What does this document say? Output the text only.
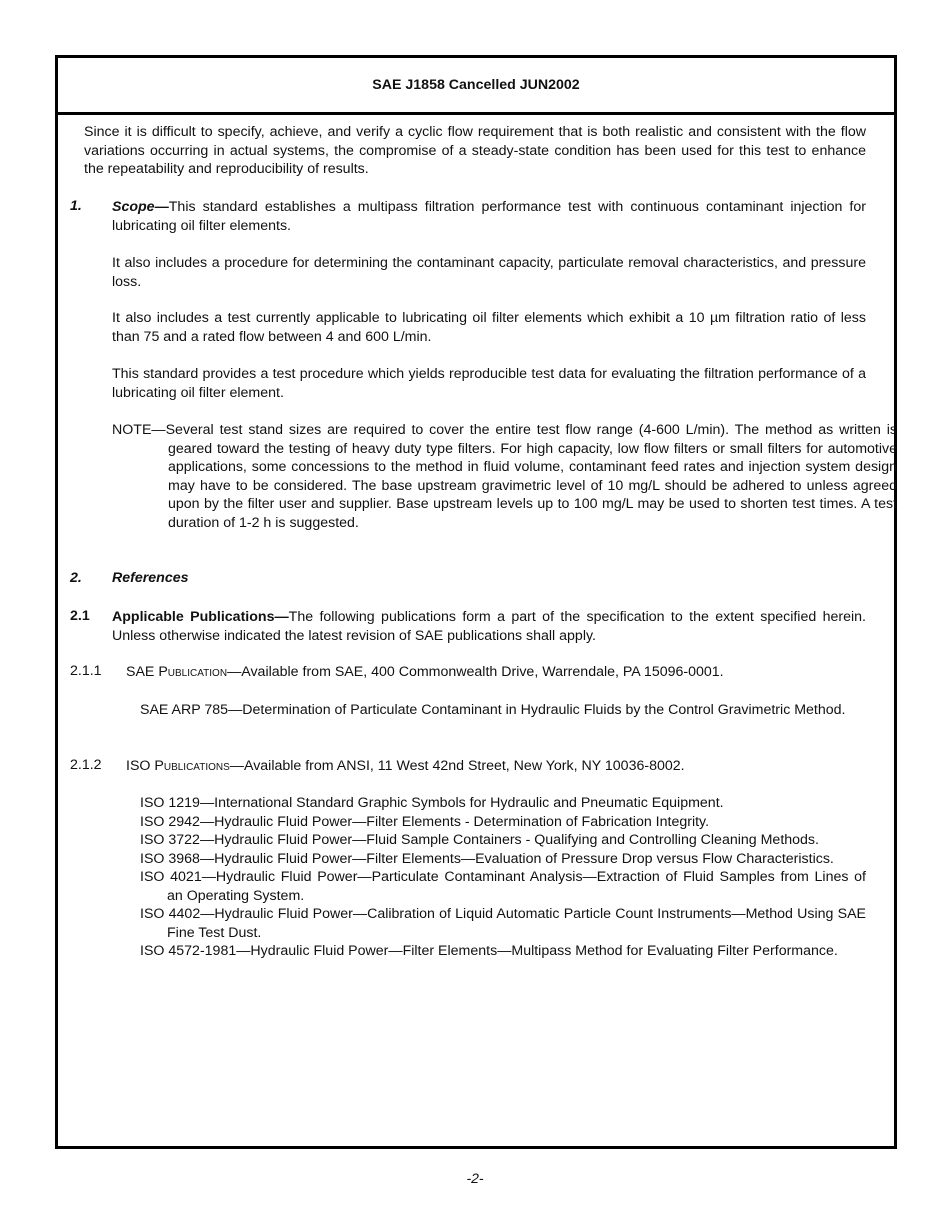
SAE J1858 Cancelled JUN2002
Since it is difficult to specify, achieve, and verify a cyclic flow requirement that is both realistic and consistent with the flow variations occurring in actual systems, the compromise of a steady-state condition has been used for this test to enhance the repeatability and reproducibility of results.
1. Scope—This standard establishes a multipass filtration performance test with continuous contaminant injection for lubricating oil filter elements.
It also includes a procedure for determining the contaminant capacity, particulate removal characteristics, and pressure loss.
It also includes a test currently applicable to lubricating oil filter elements which exhibit a 10 µm filtration ratio of less than 75 and a rated flow between 4 and 600 L/min.
This standard provides a test procedure which yields reproducible test data for evaluating the filtration performance of a lubricating oil filter element.
NOTE—Several test stand sizes are required to cover the entire test flow range (4-600 L/min). The method as written is geared toward the testing of heavy duty type filters. For high capacity, low flow filters or small filters for automotive applications, some concessions to the method in fluid volume, contaminant feed rates and injection system design may have to be considered. The base upstream gravimetric level of 10 mg/L should be adhered to unless agreed upon by the filter user and supplier. Base upstream levels up to 100 mg/L may be used to shorten test times. A test duration of 1-2 h is suggested.
2. References
2.1 Applicable Publications—The following publications form a part of the specification to the extent specified herein. Unless otherwise indicated the latest revision of SAE publications shall apply.
2.1.1 SAE Publication—Available from SAE, 400 Commonwealth Drive, Warrendale, PA 15096-0001.
SAE ARP 785—Determination of Particulate Contaminant in Hydraulic Fluids by the Control Gravimetric Method.
2.1.2 ISO Publications—Available from ANSI, 11 West 42nd Street, New York, NY 10036-8002.
ISO 1219—International Standard Graphic Symbols for Hydraulic and Pneumatic Equipment.
ISO 2942—Hydraulic Fluid Power—Filter Elements - Determination of Fabrication Integrity.
ISO 3722—Hydraulic Fluid Power—Fluid Sample Containers - Qualifying and Controlling Cleaning Methods.
ISO 3968—Hydraulic Fluid Power—Filter Elements—Evaluation of Pressure Drop versus Flow Characteristics.
ISO 4021—Hydraulic Fluid Power—Particulate Contaminant Analysis—Extraction of Fluid Samples from Lines of an Operating System.
ISO 4402—Hydraulic Fluid Power—Calibration of Liquid Automatic Particle Count Instruments—Method Using SAE Fine Test Dust.
ISO 4572-1981—Hydraulic Fluid Power—Filter Elements—Multipass Method for Evaluating Filter Performance.
-2-
